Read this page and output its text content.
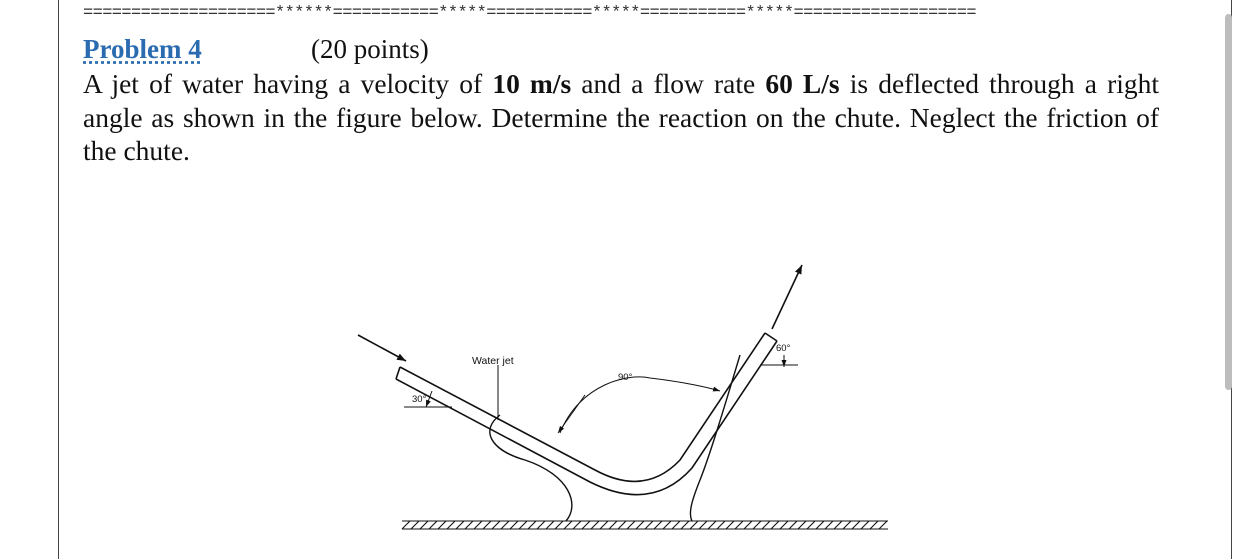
====================******===========*****===========*****===========*****===================
Problem 4	(20 points)
A jet of water having a velocity of 10 m/s and a flow rate 60 L/s is deflected through a right angle as shown in the figure below. Determine the reaction on the chute. Neglect the friction of the chute.
Water jet
30°
90°
60°
